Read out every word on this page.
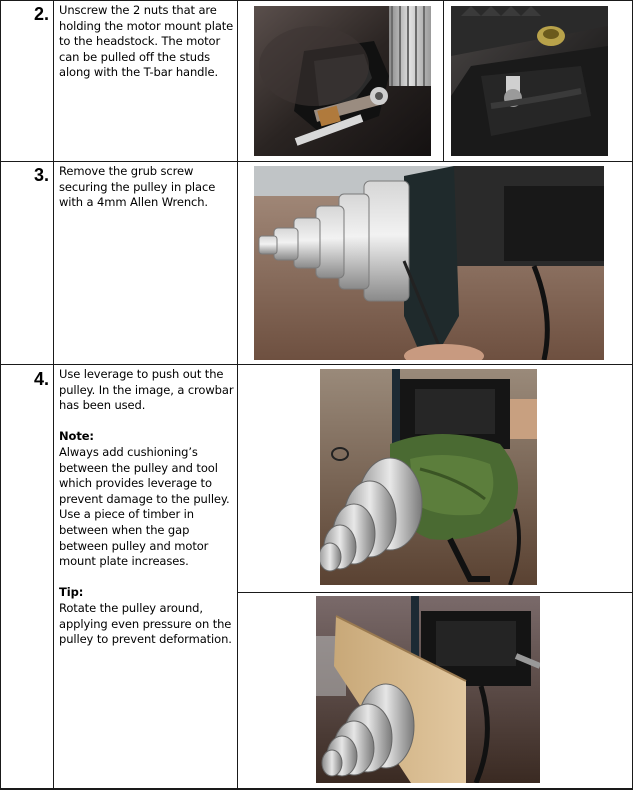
2. Unscrew the 2 nuts that are

holding the motor mount plate

to the headstock. The motor

can be pulled off the studs

along with the T-bar handle.

3. Remove the grub screw

securing the pulley in place

with a 4mm Allen Wrench.

4. Use leverage to push out the

pulley. In the image, a crowbar

has been used.

Note:

Always add cushioning’s

between the pulley and tool

which provides leverage to

prevent damage to the pulley.

Use a piece of timber in

between when the gap

between pulley and motor

mount plate increases.

Tip:

Rotate the pulley around,

applying even pressure on the

pulley to prevent deformation.
